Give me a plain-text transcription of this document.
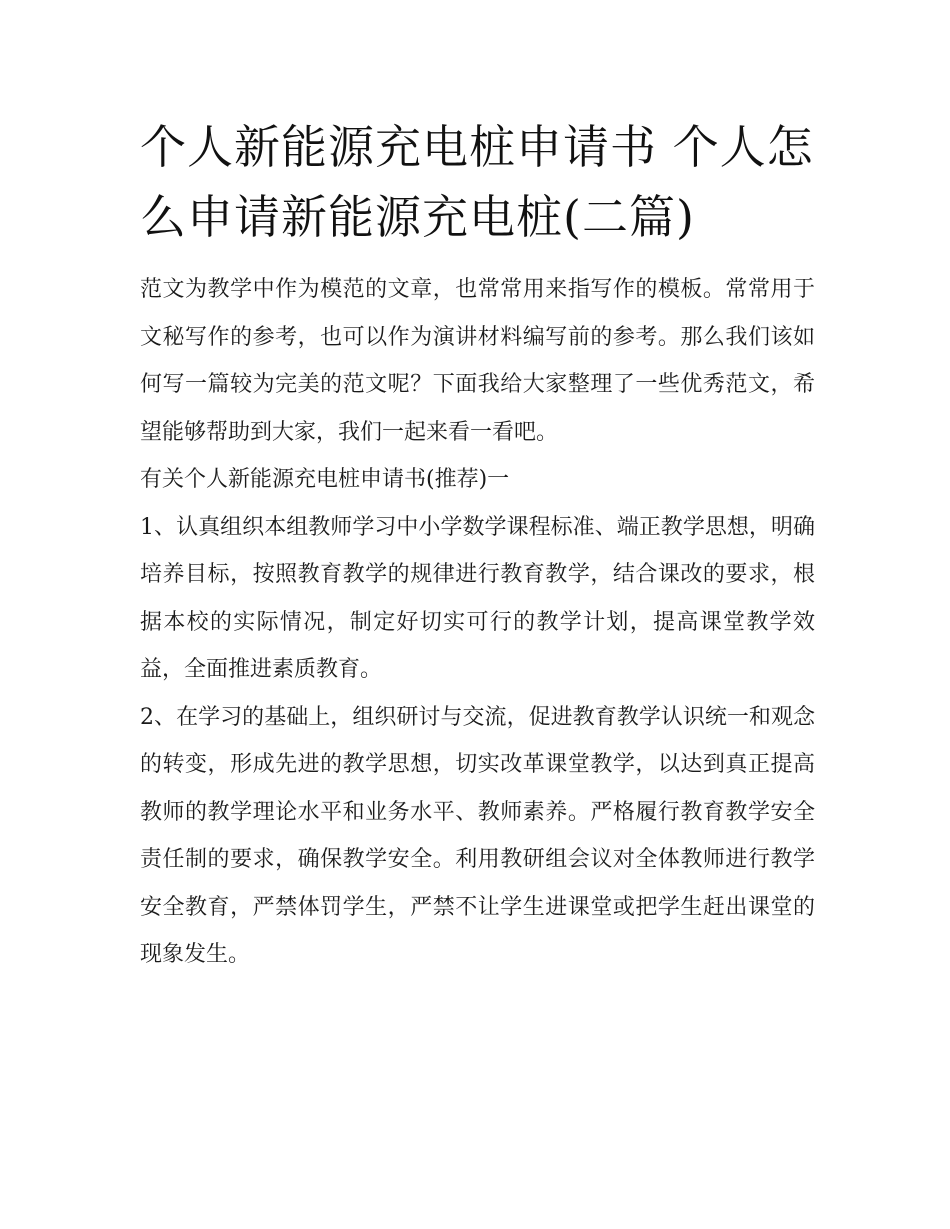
个人新能源充电桩申请书 个人怎么申请新能源充电桩(二篇)

范文为教学中作为模范的文章，也常常用来指写作的模板。常常用于文秘写作的参考，也可以作为演讲材料编写前的参考。那么我们该如何写一篇较为完美的范文呢？下面我给大家整理了一些优秀范文，希望能够帮助到大家，我们一起来看一看吧。

有关个人新能源充电桩申请书(推荐)一

1、认真组织本组教师学习中小学数学课程标准、端正教学思想，明确培养目标，按照教育教学的规律进行教育教学，结合课改的要求，根据本校的实际情况，制定好切实可行的教学计划，提高课堂教学效益，全面推进素质教育。

2、在学习的基础上，组织研讨与交流，促进教育教学认识统一和观念的转变，形成先进的教学思想，切实改革课堂教学，以达到真正提高教师的教学理论水平和业务水平、教师素养。严格履行教育教学安全责任制的要求，确保教学安全。利用教研组会议对全体教师进行教学安全教育，严禁体罚学生，严禁不让学生进课堂或把学生赶出课堂的现象发生。
